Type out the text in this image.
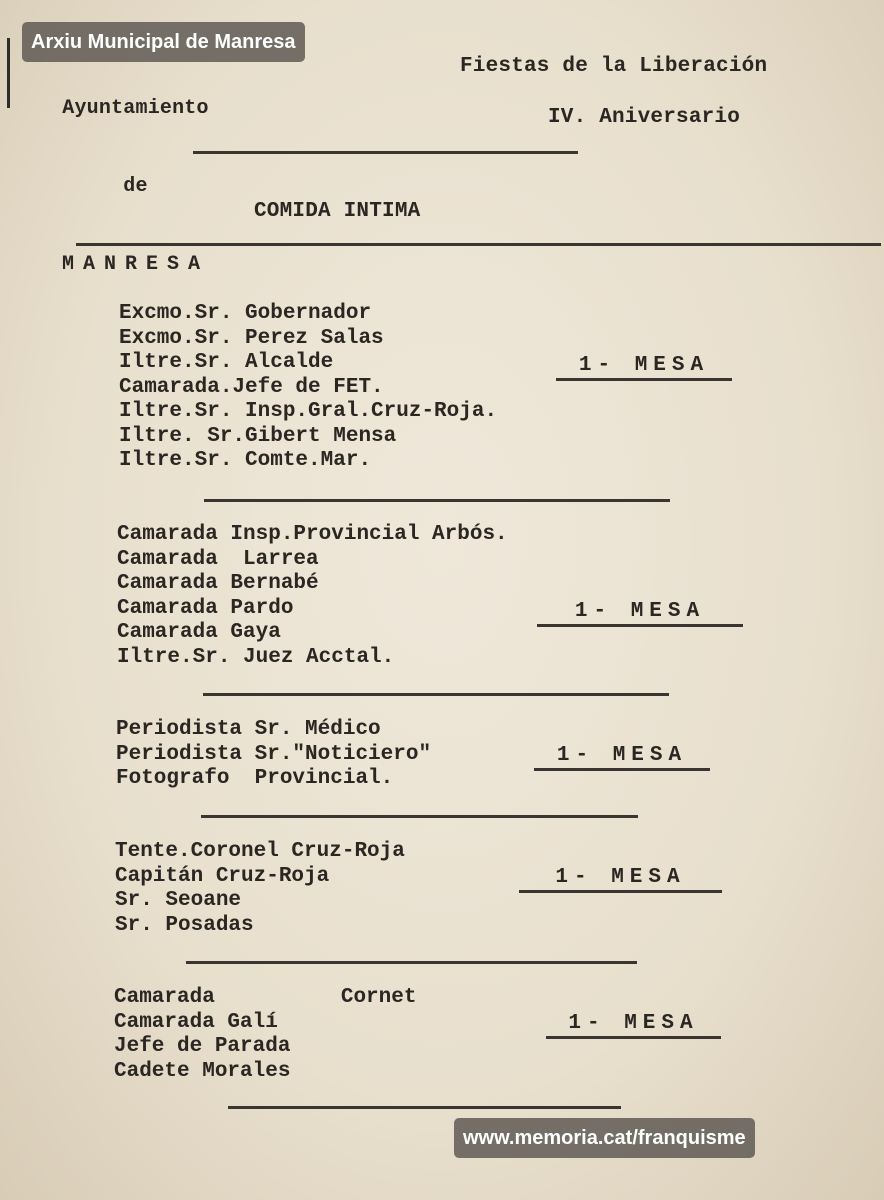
Ayuntamiento

de

MANRESA

Arxiu Municipal de Manresa
Fiestas de la Liberación
IV. Aniversario
COMIDA INTIMA
Excmo.Sr. Gobernador
Excmo.Sr. Perez Salas
Iltre.Sr. Alcalde
Camarada.Jefe de FET.
Iltre.Sr. Insp.Gral.Cruz-Roja.
Iltre. Sr.Gibert Mensa
Iltre.Sr. Comte.Mar.
1- MESA
Camarada Insp.Provincial Arbós.
Camarada  Larrea
Camarada Bernabé
Camarada Pardo
Camarada Gaya
Iltre.Sr. Juez Acctal.
1- MESA
Periodista Sr. Médico
Periodista Sr."Noticiero"
Fotografo  Provincial.
1- MESA
Tente.Coronel Cruz-Roja
Capitán Cruz-Roja
Sr. Seoane
Sr. Posadas
1- MESA
Camarada          Cornet
Camarada Galí
Jefe de Parada
Cadete Morales
1- MESA
www.memoria.cat/franquisme
